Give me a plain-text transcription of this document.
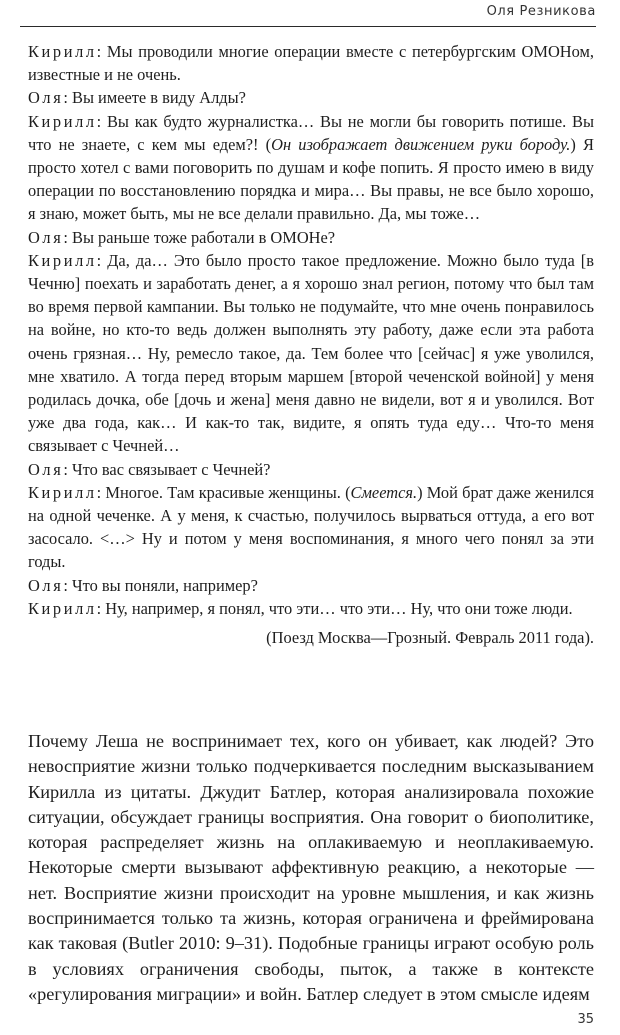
Оля Резникова

Кирилл: Мы проводили многие операции вместе с петербургским ОМОНом, известные и не очень.

Оля: Вы имеете в виду Алды?

Кирилл: Вы как будто журналистка… Вы не могли бы говорить потише. Вы что не знаете, с кем мы едем?! (Он изображает движением руки бороду.) Я просто хотел с вами поговорить по душам и кофе попить. Я просто имею в виду операции по восстановлению порядка и мира… Вы правы, не все было хорошо, я знаю, может быть, мы не все делали правильно. Да, мы тоже…

Оля: Вы раньше тоже работали в ОМОНе?

Кирилл: Да, да… Это было просто такое предложение. Можно было туда [в Чечню] поехать и заработать денег, а я хорошо знал регион, потому что был там во время первой кампании. Вы только не подумайте, что мне очень понравилось на войне, но кто-то ведь должен выполнять эту работу, даже если эта работа очень грязная… Ну, ремесло такое, да. Тем более что [сейчас] я уже уволился, мне хватило. А тогда перед вторым маршем [второй чеченской войной] у меня родилась дочка, обе [дочь и жена] меня давно не видели, вот я и уволился. Вот уже два года, как… И как-то так, видите, я опять туда еду… Что-то меня связывает с Чечней…

Оля: Что вас связывает с Чечней?

Кирилл: Многое. Там красивые женщины. (Смеется.) Мой брат даже женился на одной чеченке. А у меня, к счастью, получилось вырваться оттуда, а его вот засосало. <…> Ну и потом у меня воспоминания, я много чего понял за эти годы.

Оля: Что вы поняли, например?

Кирилл: Ну, например, я понял, что эти… что эти… Ну, что они тоже люди.

(Поезд Москва—Грозный. Февраль 2011 года).

Почему Леша не воспринимает тех, кого он убивает, как людей? Это невосприятие жизни только подчеркивается последним высказыванием Кирилла из цитаты. Джудит Батлер, которая анализировала похожие ситуации, обсуждает границы восприятия. Она говорит о биополитике, которая распределяет жизнь на оплакиваемую и неоплакиваемую. Некоторые смерти вызывают аффективную реакцию, а некоторые — нет. Восприятие жизни происходит на уровне мышления, и как жизнь воспринимается только та жизнь, которая ограничена и фреймирована как таковая (Butler 2010: 9–31). Подобные границы играют особую роль в условиях ограничения свободы, пыток, а также в контексте «регулирования миграции» и войн. Батлер следует в этом смысле идеям

35
